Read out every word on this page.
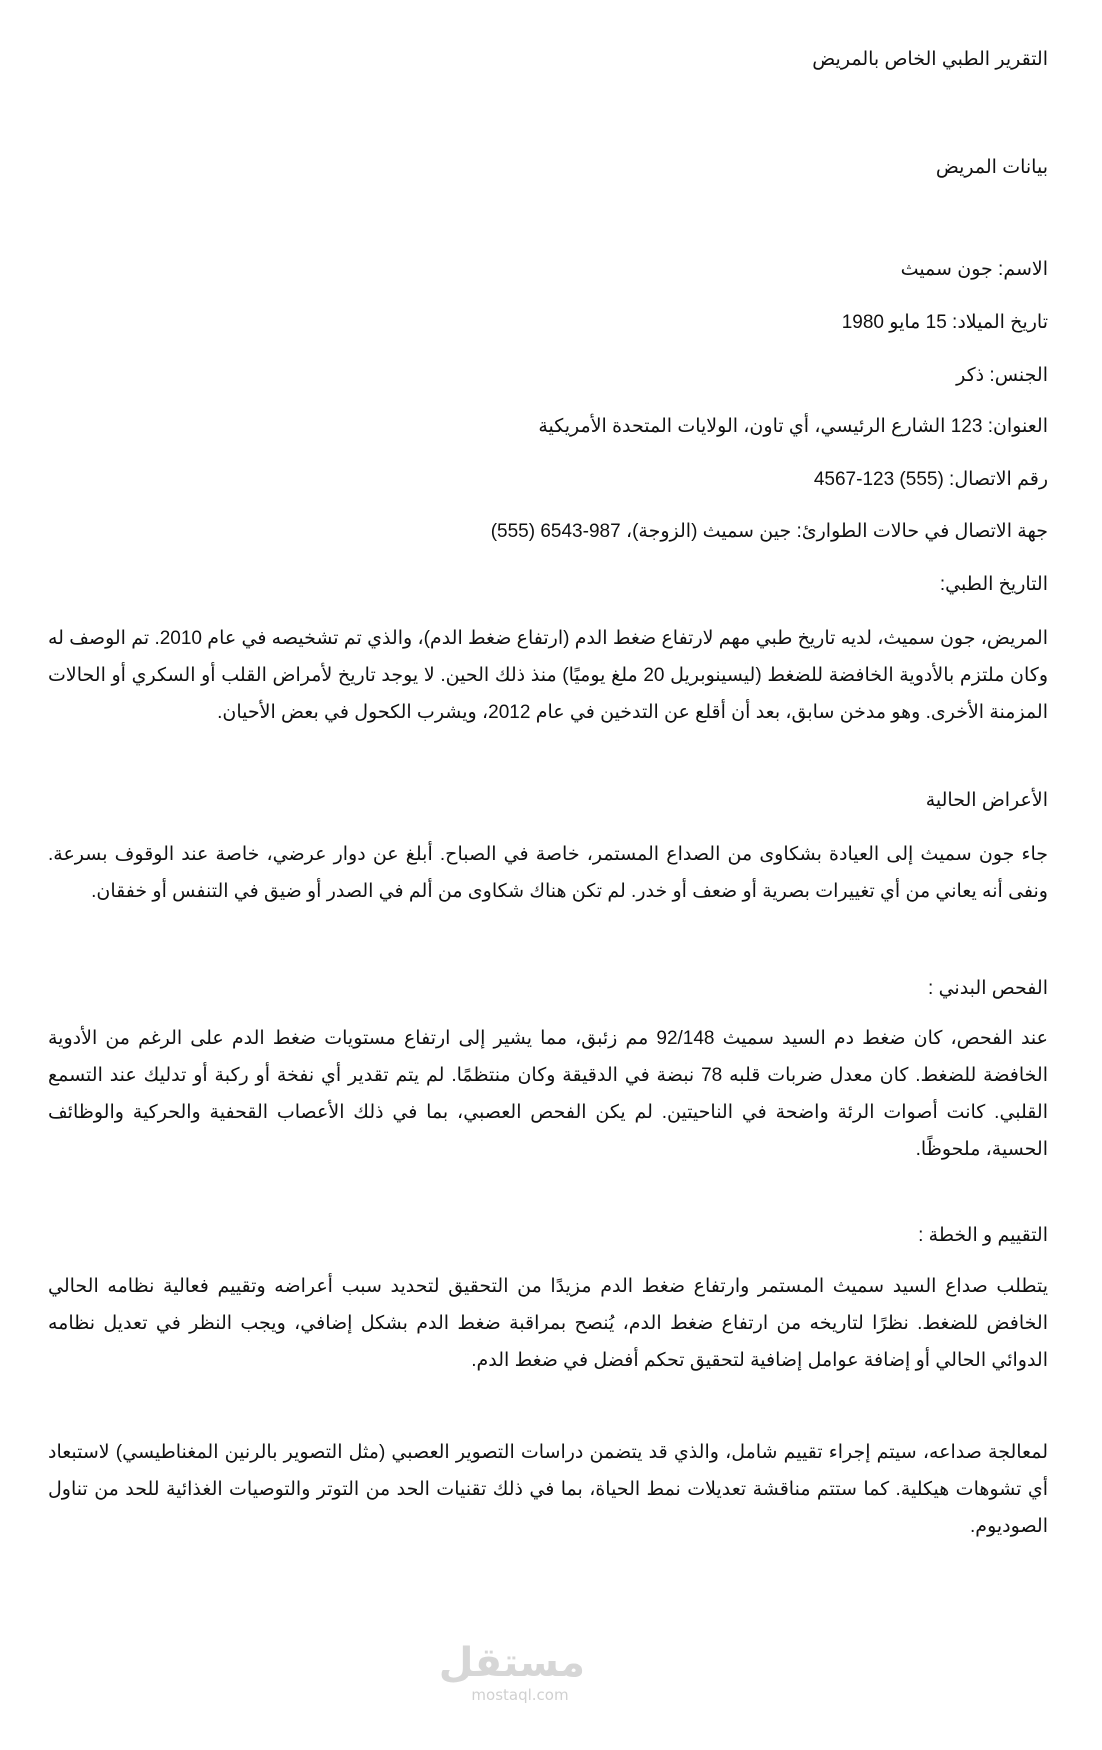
التقرير الطبي الخاص بالمريض
بيانات المريض
الاسم: جون سميث
تاريخ الميلاد: 15 مايو 1980
الجنس: ذكر
العنوان: 123 الشارع الرئيسي، أي تاون، الولايات المتحدة الأمريكية
رقم الاتصال: (555) 123-4567
جهة الاتصال في حالات الطوارئ: جين سميث (الزوجة)، 987-6543 (555)
التاريخ الطبي:

المريض، جون سميث، لديه تاريخ طبي مهم لارتفاع ضغط الدم (ارتفاع ضغط الدم)، والذي تم تشخيصه في عام 2010. تم الوصف له وكان ملتزم بالأدوية الخافضة للضغط (ليسينوبريل 20 ملغ يوميًا) منذ ذلك الحين. لا يوجد تاريخ لأمراض القلب أو السكري أو الحالات المزمنة الأخرى. وهو مدخن سابق، بعد أن أقلع عن التدخين في عام 2012، ويشرب الكحول في بعض الأحيان.

الأعراض الحالية

جاء جون سميث إلى العيادة بشكاوى من الصداع المستمر، خاصة في الصباح. أبلغ عن دوار عرضي، خاصة عند الوقوف بسرعة. ونفى أنه يعاني من أي تغييرات بصرية أو ضعف أو خدر. لم تكن هناك شكاوى من ألم في الصدر أو ضيق في التنفس أو خفقان.

الفحص البدني :

عند الفحص، كان ضغط دم السيد سميث 92/148 مم زئبق، مما يشير إلى ارتفاع مستويات ضغط الدم على الرغم من الأدوية الخافضة للضغط. كان معدل ضربات قلبه 78 نبضة في الدقيقة وكان منتظمًا. لم يتم تقدير أي نفخة أو ركبة أو تدليك عند التسمع القلبي. كانت أصوات الرئة واضحة في الناحيتين. لم يكن الفحص العصبي، بما في ذلك الأعصاب القحفية والحركية والوظائف الحسية، ملحوظًا.

التقييم و الخطة :

يتطلب صداع السيد سميث المستمر وارتفاع ضغط الدم مزيدًا من التحقيق لتحديد سبب أعراضه وتقييم فعالية نظامه الحالي الخافض للضغط. نظرًا لتاريخه من ارتفاع ضغط الدم، يُنصح بمراقبة ضغط الدم بشكل إضافي، ويجب النظر في تعديل نظامه الدوائي الحالي أو إضافة عوامل إضافية لتحقيق تحكم أفضل في ضغط الدم.

لمعالجة صداعه، سيتم إجراء تقييم شامل، والذي قد يتضمن دراسات التصوير العصبي (مثل التصوير بالرنين المغناطيسي) لاستبعاد أي تشوهات هيكلية. كما ستتم مناقشة تعديلات نمط الحياة، بما في ذلك تقنيات الحد من التوتر والتوصيات الغذائية للحد من تناول الصوديوم.

مستقل
mostaql.com
